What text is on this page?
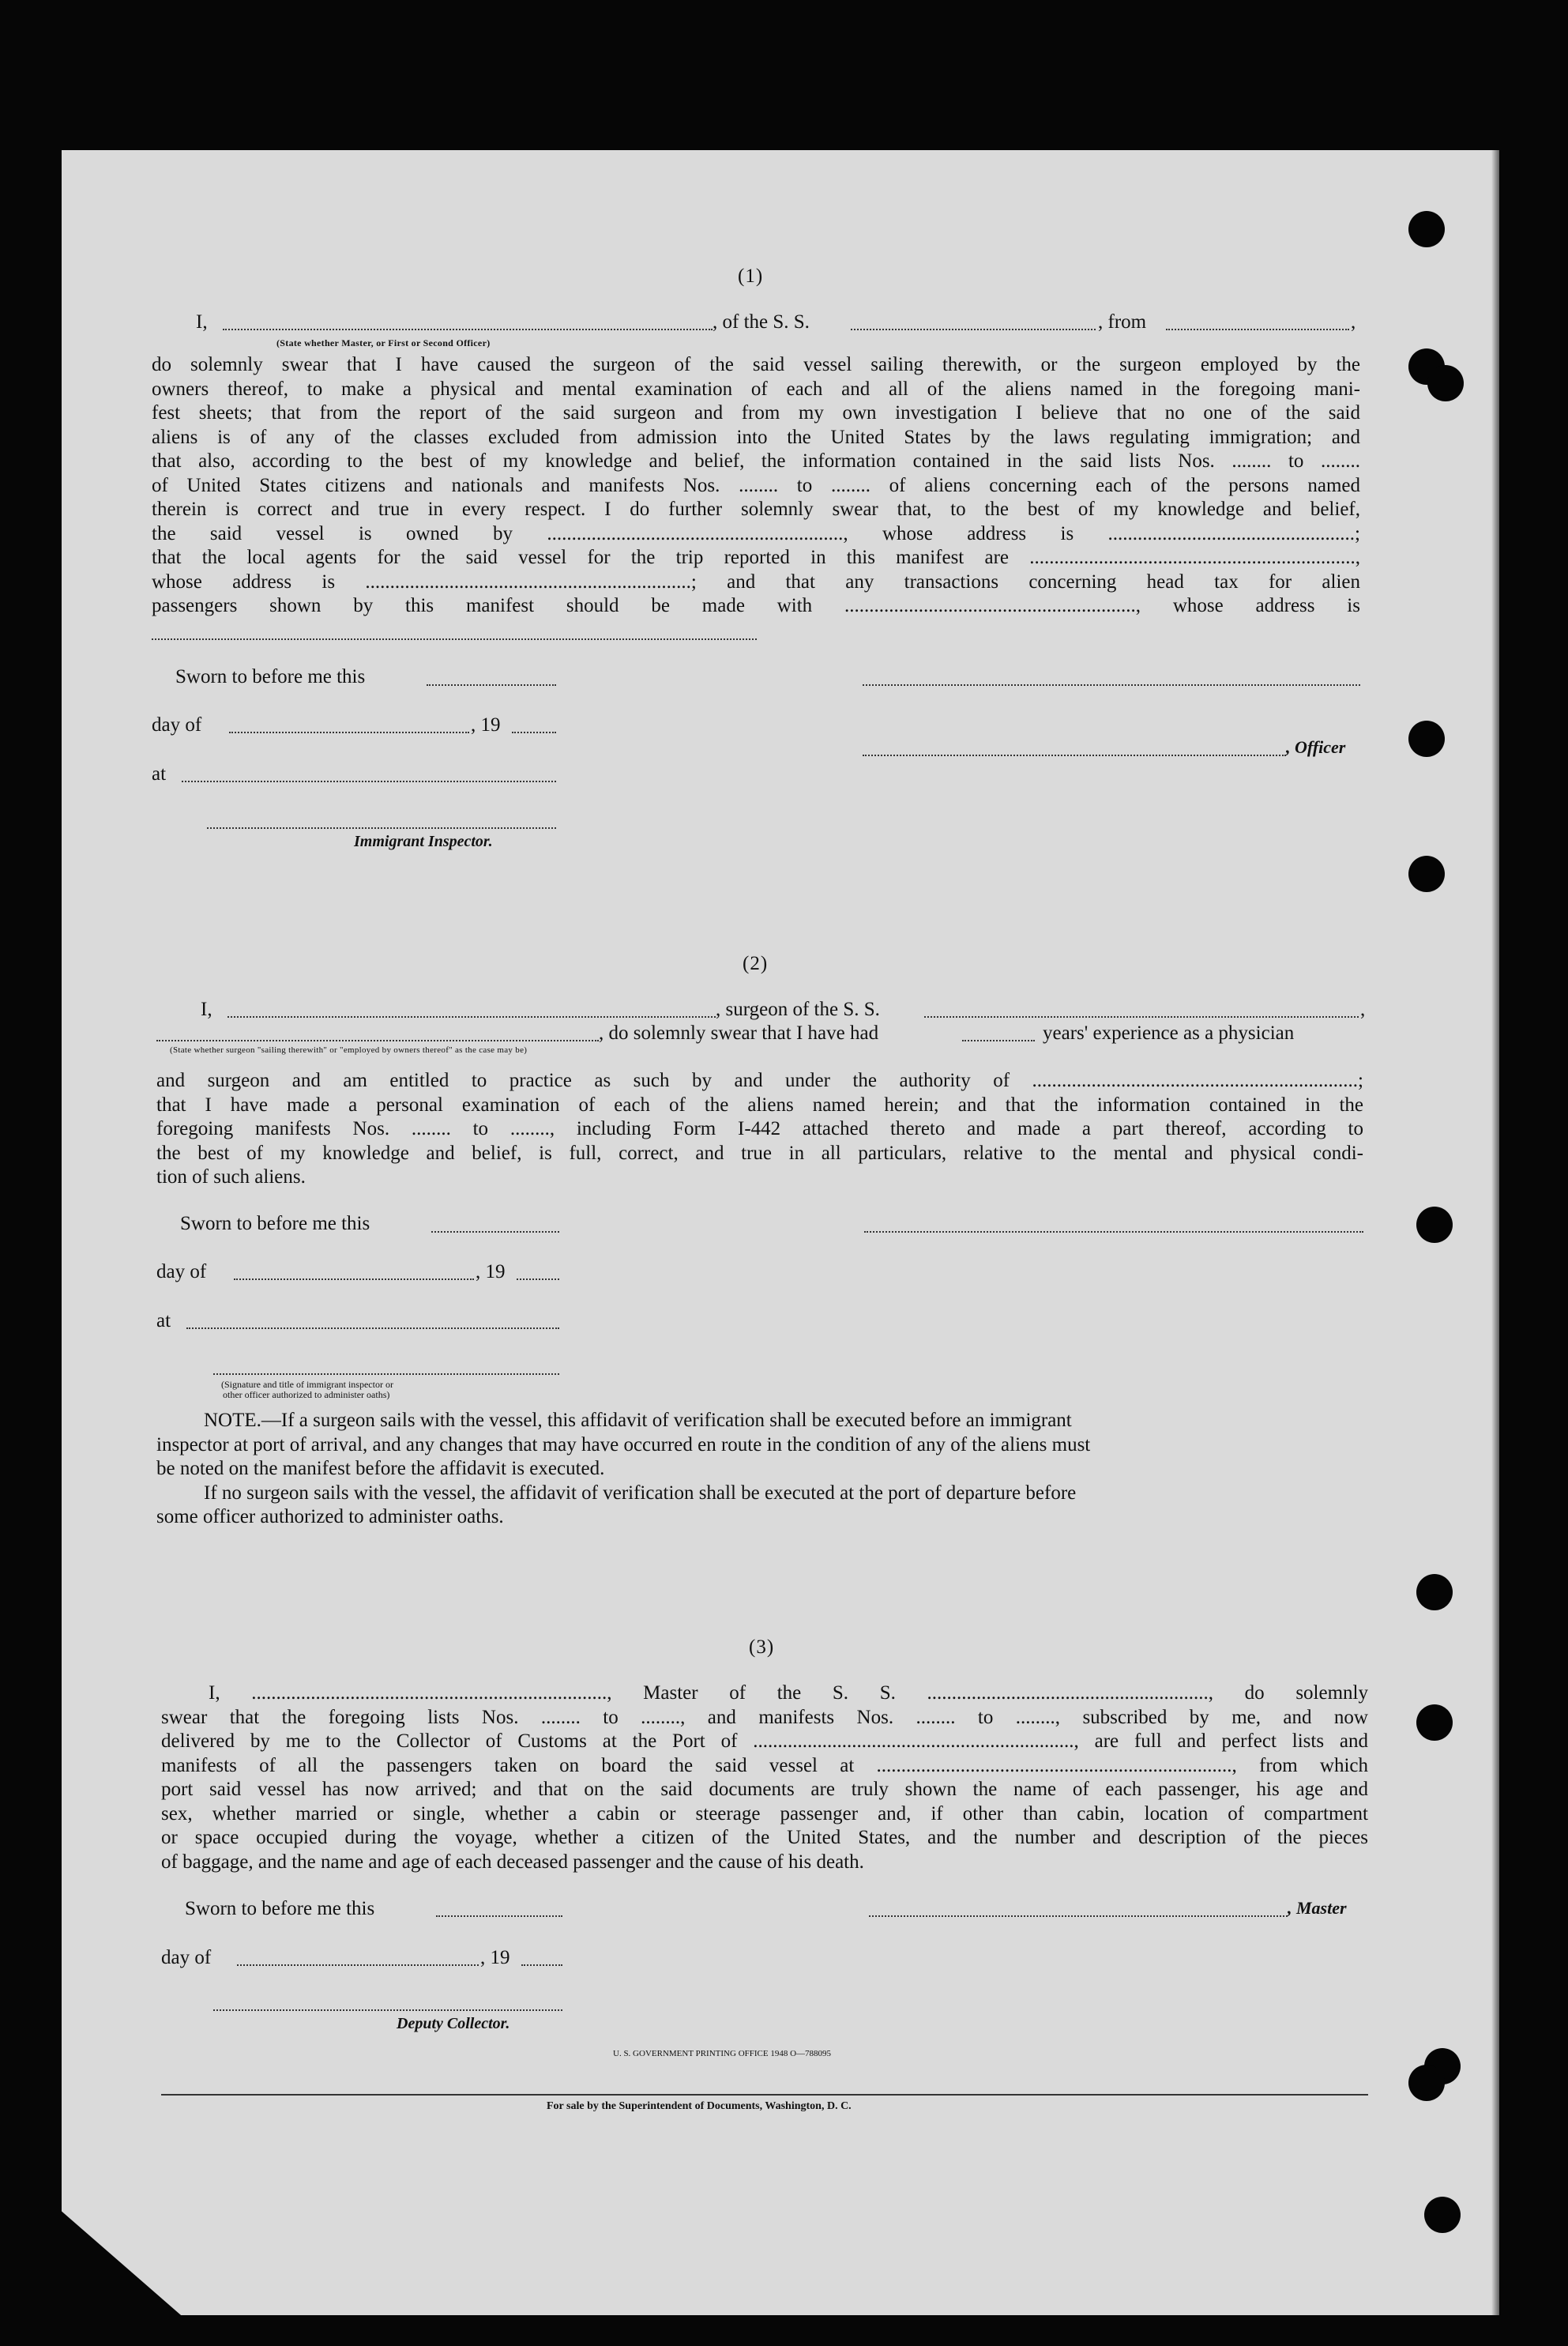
(1)
I,
(State whether Master, or First or Second Officer)
, of the S. S.	, from	,
do solemnly swear that I have caused the surgeon of the said vessel sailing therewith, or the surgeon employed by the
owners thereof, to make a physical and mental examination of each and all of the aliens named in the foregoing mani-
fest sheets; that from the report of the said surgeon and from my own investigation I believe that no one of the said
aliens is of any of the classes excluded from admission into the United States by the laws regulating immigration; and
that also, according to the best of my knowledge and belief, the information contained in the said lists Nos. ........ to ........
of United States citizens and nationals and manifests Nos. ........ to ........ of aliens concerning each of the persons named
therein is correct and true in every respect. I do further solemnly swear that, to the best of my knowledge and belief,
the said vessel is owned by ............................................................, whose address is ..................................................;
that the local agents for the said vessel for the trip reported in this manifest are ..................................................................,
whose address is ..................................................................; and that any transactions concerning head tax for alien
passengers shown by this manifest should be made with ..........................................................., whose address is
Sworn to before me this
day of	, 19
, Officer
at
Immigrant Inspector.
(2)
I,	, surgeon of the S. S.	,
, do solemnly swear that I have had	years' experience as a physician
(State whether surgeon "sailing therewith" or "employed by owners thereof" as the case may be)
and surgeon and am entitled to practice as such by and under the authority of ..................................................................;
that I have made a personal examination of each of the aliens named herein; and that the information contained in the
foregoing manifests Nos. ........ to ........, including Form I-442 attached thereto and made a part thereof, according to
the best of my knowledge and belief, is full, correct, and true in all particulars, relative to the mental and physical condi-
tion of such aliens.
Sworn to before me this
day of	, 19
at
(Signature and title of immigrant inspector or
other officer authorized to administer oaths)
NOTE.—If a surgeon sails with the vessel, this affidavit of verification shall be executed before an immigrant
inspector at port of arrival, and any changes that may have occurred en route in the condition of any of the aliens must
be noted on the manifest before the affidavit is executed.
If no surgeon sails with the vessel, the affidavit of verification shall be executed at the port of departure before
some officer authorized to administer oaths.
(3)
I, ........................................................................, Master of the S. S. ........................................................., do solemnly
swear that the foregoing lists Nos. ........ to ........, and manifests Nos. ........ to ........, subscribed by me, and now
delivered by me to the Collector of Customs at the Port of ................................................................., are full and perfect lists and
manifests of all the passengers taken on board the said vessel at ........................................................................, from which
port said vessel has now arrived; and that on the said documents are truly shown the name of each passenger, his age and
sex, whether married or single, whether a cabin or steerage passenger and, if other than cabin, location of compartment
or space occupied during the voyage, whether a citizen of the United States, and the number and description of the pieces
of baggage, and the name and age of each deceased passenger and the cause of his death.
Sworn to before me this	, Master
day of	, 19
Deputy Collector.
U. S. GOVERNMENT PRINTING OFFICE 1948 O—788095
For sale by the Superintendent of Documents, Washington, D. C.
